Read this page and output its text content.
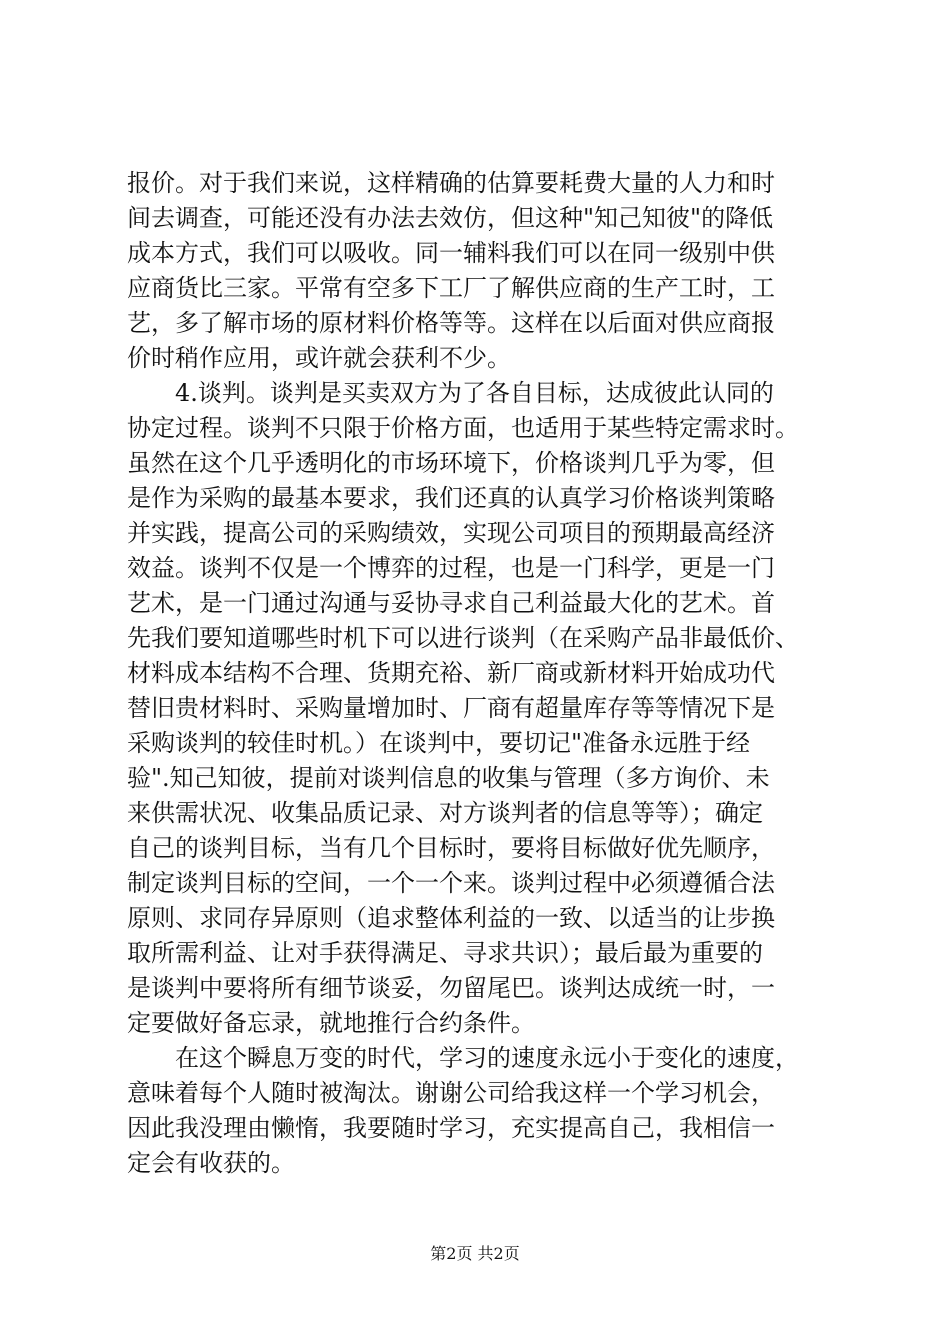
报价。对于我们来说，这样精确的估算要耗费大量的人力和时
间去调查，可能还没有办法去效仿，但这种"知己知彼"的降低
成本方式，我们可以吸收。同一辅料我们可以在同一级别中供
应商货比三家。平常有空多下工厂了解供应商的生产工时，工
艺，多了解市场的原材料价格等等。这样在以后面对供应商报
价时稍作应用，或许就会获利不少。
　　4.谈判。谈判是买卖双方为了各自目标，达成彼此认同的
协定过程。谈判不只限于价格方面，也适用于某些特定需求时。
虽然在这个几乎透明化的市场环境下，价格谈判几乎为零，但
是作为采购的最基本要求，我们还真的认真学习价格谈判策略
并实践，提高公司的采购绩效，实现公司项目的预期最高经济
效益。谈判不仅是一个博弈的过程，也是一门科学，更是一门
艺术，是一门通过沟通与妥协寻求自己利益最大化的艺术。首
先我们要知道哪些时机下可以进行谈判（在采购产品非最低价、
材料成本结构不合理、货期充裕、新厂商或新材料开始成功代
替旧贵材料时、采购量增加时、厂商有超量库存等等情况下是
采购谈判的较佳时机。）在谈判中，要切记"准备永远胜于经
验".知己知彼，提前对谈判信息的收集与管理（多方询价、未
来供需状况、收集品质记录、对方谈判者的信息等等）；确定
自己的谈判目标，当有几个目标时，要将目标做好优先顺序，
制定谈判目标的空间，一个一个来。谈判过程中必须遵循合法
原则、求同存异原则（追求整体利益的一致、以适当的让步换
取所需利益、让对手获得满足、寻求共识）；最后最为重要的
是谈判中要将所有细节谈妥，勿留尾巴。谈判达成统一时，一
定要做好备忘录，就地推行合约条件。
　　在这个瞬息万变的时代，学习的速度永远小于变化的速度，
意味着每个人随时被淘汰。谢谢公司给我这样一个学习机会，
因此我没理由懒惰，我要随时学习，充实提高自己，我相信一
定会有收获的。
第2页 共2页
